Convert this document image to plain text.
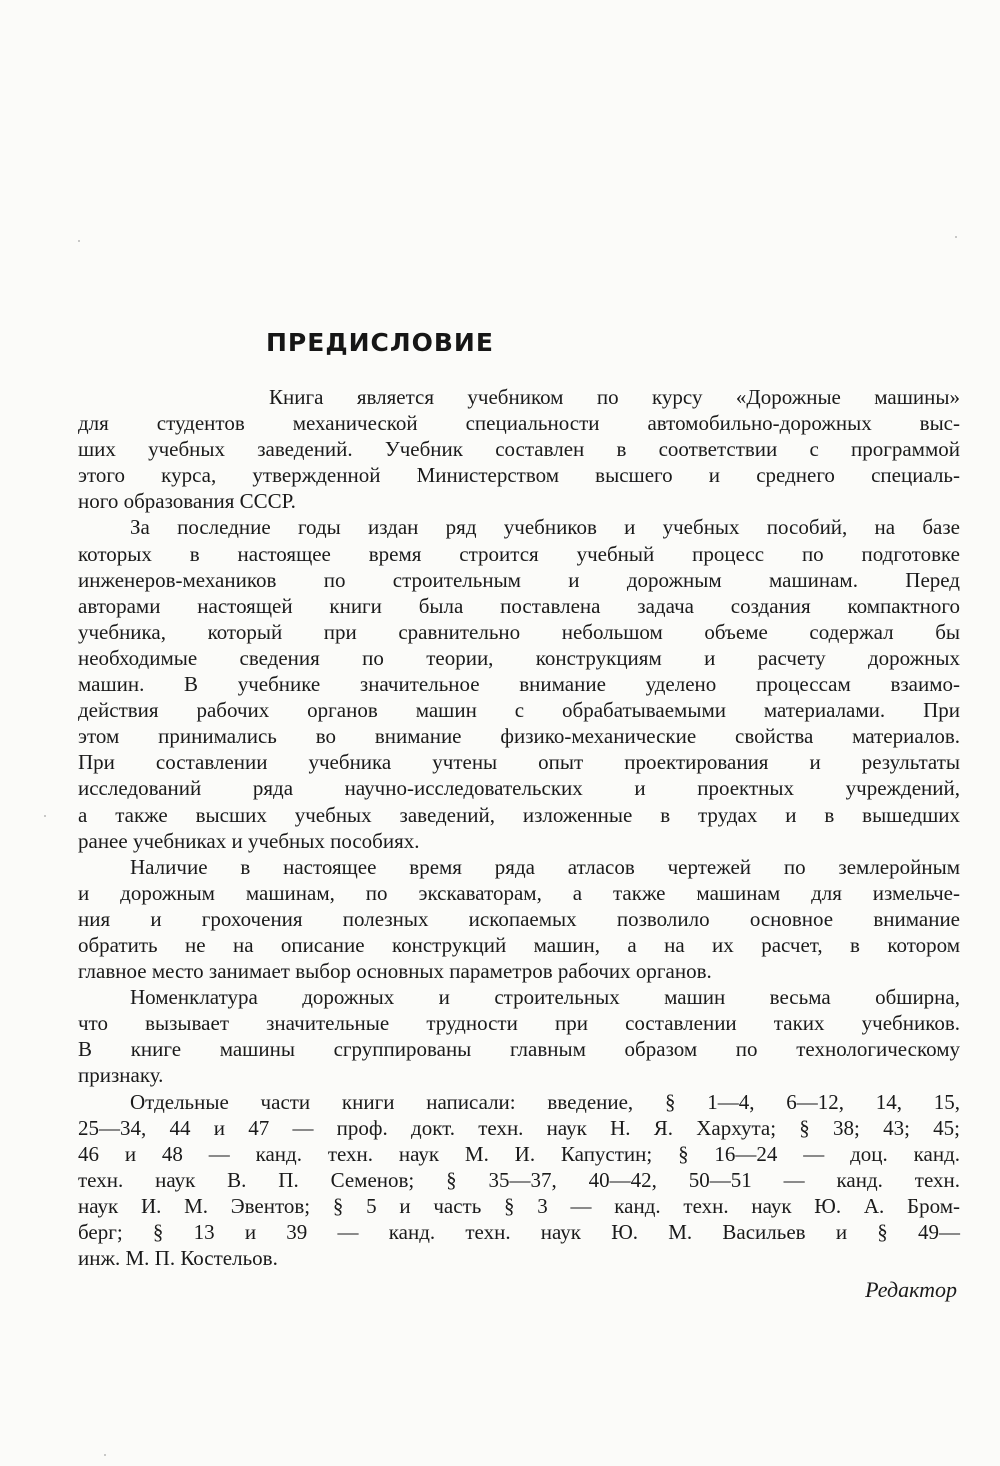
ПРЕДИСЛОВИЕ
Книга является учебником по курсу «Дорожные машины»
для студентов механической специальности автомобильно-дорожных выс-
ших учебных заведений. Учебник составлен в соответствии с программой
этого курса, утвержденной Министерством высшего и среднего специаль-
ного образования СССР.
За последние годы издан ряд учебников и учебных пособий, на базе
которых в настоящее время строится учебный процесс по подготовке
инженеров-механиков по строительным и дорожным машинам. Перед
авторами настоящей книги была поставлена задача создания компактного
учебника, который при сравнительно небольшом объеме содержал бы
необходимые сведения по теории, конструкциям и расчету дорожных
машин. В учебнике значительное внимание уделено процессам взаимо-
действия рабочих органов машин с обрабатываемыми материалами. При
этом принимались во внимание физико-механические свойства материалов.
При составлении учебника учтены опыт проектирования и результаты
исследований ряда научно-исследовательских и проектных учреждений,
а также высших учебных заведений, изложенные в трудах и в вышедших
ранее учебниках и учебных пособиях.
Наличие в настоящее время ряда атласов чертежей по землеройным
и дорожным машинам, по экскаваторам, а также машинам для измельче-
ния и грохочения полезных ископаемых позволило основное внимание
обратить не на описание конструкций машин, а на их расчет, в котором
главное место занимает выбор основных параметров рабочих органов.
Номенклатура дорожных и строительных машин весьма обширна,
что вызывает значительные трудности при составлении таких учебников.
В книге машины сгруппированы главным образом по технологическому
признаку.
Отдельные части книги написали: введение, § 1—4, 6—12, 14, 15,
25—34, 44 и 47 — проф. докт. техн. наук Н. Я. Хархута; § 38; 43; 45;
46 и 48 — канд. техн. наук М. И. Капустин; § 16—24 — доц. канд.
техн. наук В. П. Семенов; § 35—37, 40—42, 50—51 — канд. техн.
наук И. М. Эвентов; § 5 и часть § 3 — канд. техн. наук Ю. А. Бром-
берг; § 13 и 39 — канд. техн. наук Ю. М. Васильев и § 49—
инж. М. П. Костельов.
Редактор
